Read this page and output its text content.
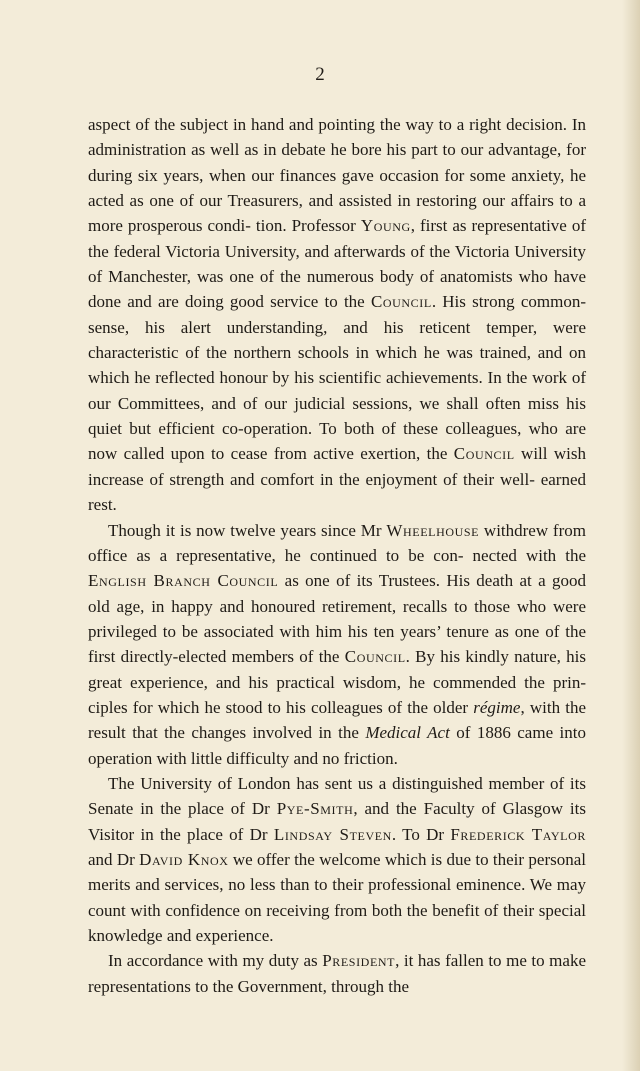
2

aspect of the subject in hand and pointing the way to a right decision. In administration as well as in debate he bore his part to our advantage, for during six years, when our finances gave occasion for some anxiety, he acted as one of our Treasurers, and assisted in restoring our affairs to a more prosperous condi- tion. Professor Young, first as representative of the federal Victoria University, and afterwards of the Victoria University of Manchester, was one of the numerous body of anatomists who have done and are doing good service to the Council. His strong common-sense, his alert understanding, and his reticent temper, were characteristic of the northern schools in which he was trained, and on which he reflected honour by his scientific achievements. In the work of our Committees, and of our judicial sessions, we shall often miss his quiet but efficient co-operation. To both of these colleagues, who are now called upon to cease from active exertion, the Council will wish increase of strength and comfort in the enjoyment of their well- earned rest.

Though it is now twelve years since Mr Wheelhouse withdrew from office as a representative, he continued to be con- nected with the English Branch Council as one of its Trustees. His death at a good old age, in happy and honoured retirement, recalls to those who were privileged to be associated with him his ten years’ tenure as one of the first directly-elected members of the Council. By his kindly nature, his great experience, and his practical wisdom, he commended the prin- ciples for which he stood to his colleagues of the older régime, with the result that the changes involved in the Medical Act of 1886 came into operation with little difficulty and no friction.

The University of London has sent us a distinguished member of its Senate in the place of Dr Pye-Smith, and the Faculty of Glasgow its Visitor in the place of Dr Lindsay Steven. To Dr Frederick Taylor and Dr David Knox we offer the welcome which is due to their personal merits and services, no less than to their professional eminence. We may count with confidence on receiving from both the benefit of their special knowledge and experience.

In accordance with my duty as President, it has fallen to me to make representations to the Government, through the
